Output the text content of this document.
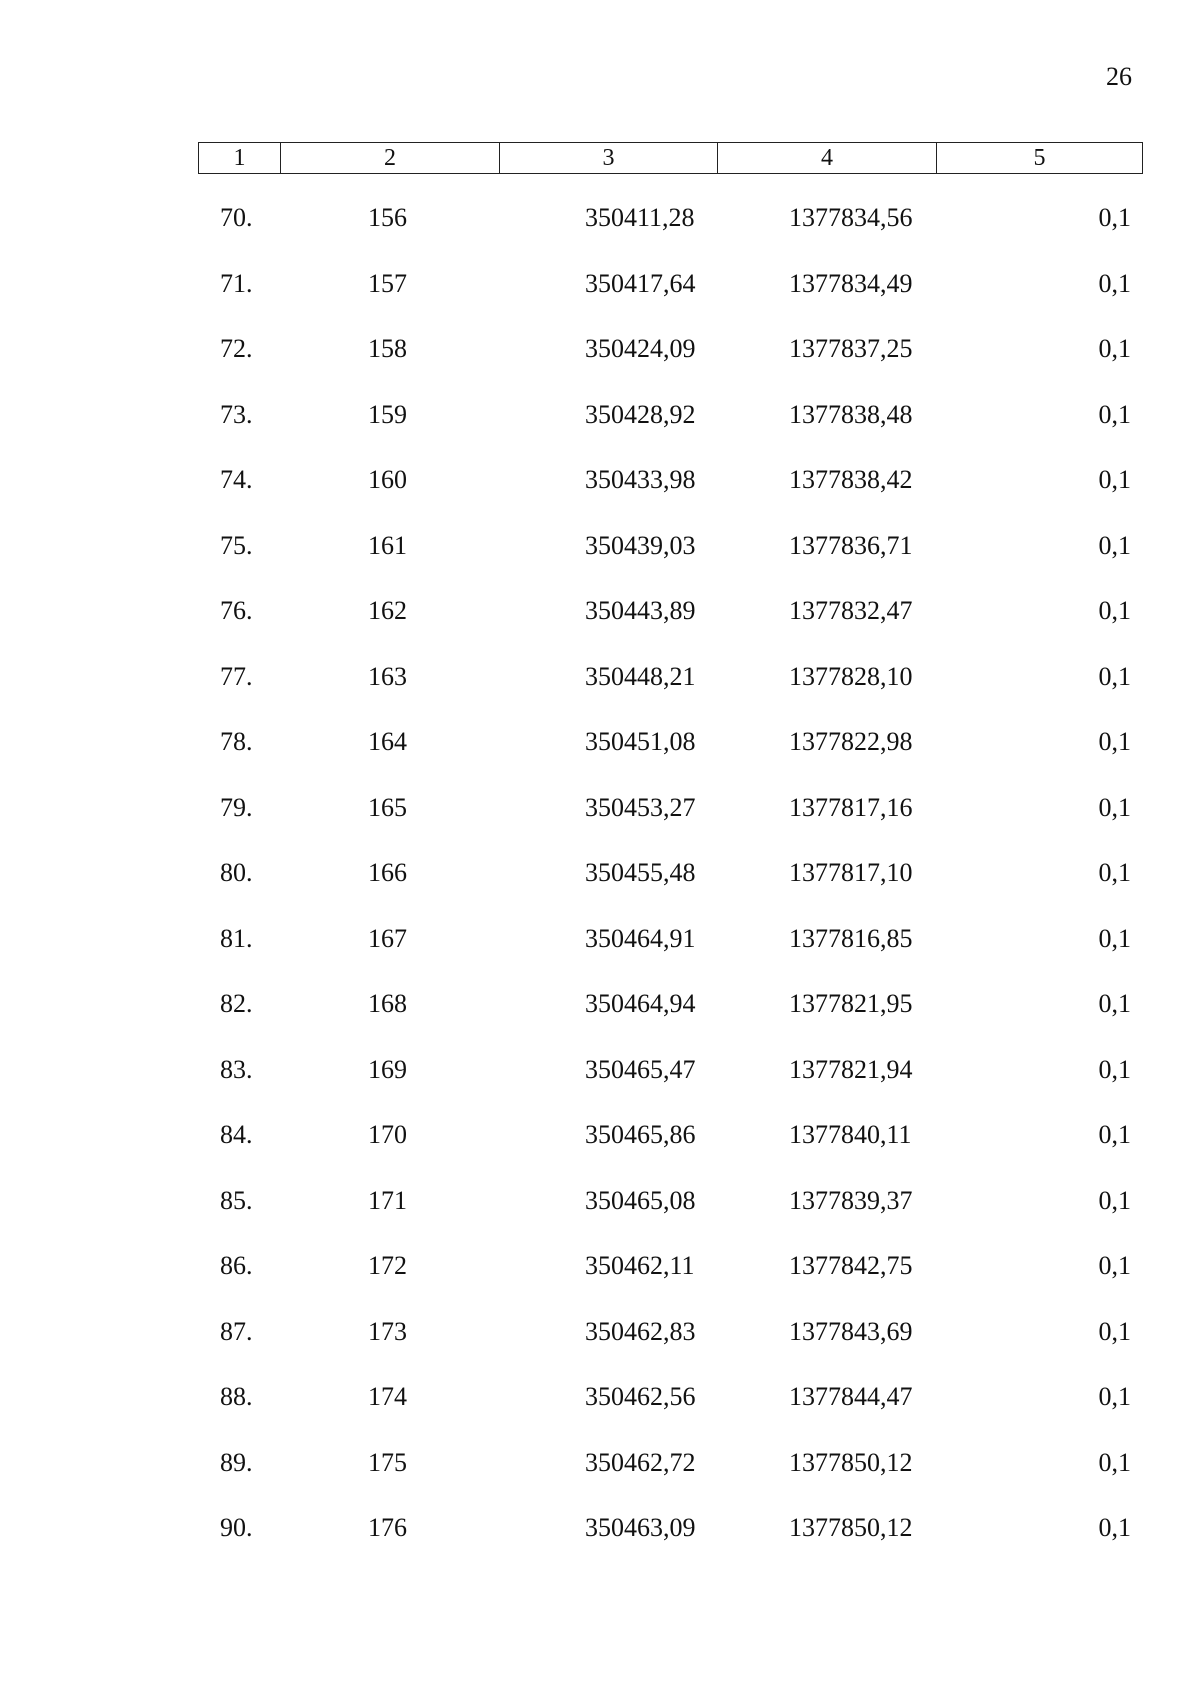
26
1	2	3	4	5
70.	156	350411,28	1377834,56	0,1
71.	157	350417,64	1377834,49	0,1
72.	158	350424,09	1377837,25	0,1
73.	159	350428,92	1377838,48	0,1
74.	160	350433,98	1377838,42	0,1
75.	161	350439,03	1377836,71	0,1
76.	162	350443,89	1377832,47	0,1
77.	163	350448,21	1377828,10	0,1
78.	164	350451,08	1377822,98	0,1
79.	165	350453,27	1377817,16	0,1
80.	166	350455,48	1377817,10	0,1
81.	167	350464,91	1377816,85	0,1
82.	168	350464,94	1377821,95	0,1
83.	169	350465,47	1377821,94	0,1
84.	170	350465,86	1377840,11	0,1
85.	171	350465,08	1377839,37	0,1
86.	172	350462,11	1377842,75	0,1
87.	173	350462,83	1377843,69	0,1
88.	174	350462,56	1377844,47	0,1
89.	175	350462,72	1377850,12	0,1
90.	176	350463,09	1377850,12	0,1
